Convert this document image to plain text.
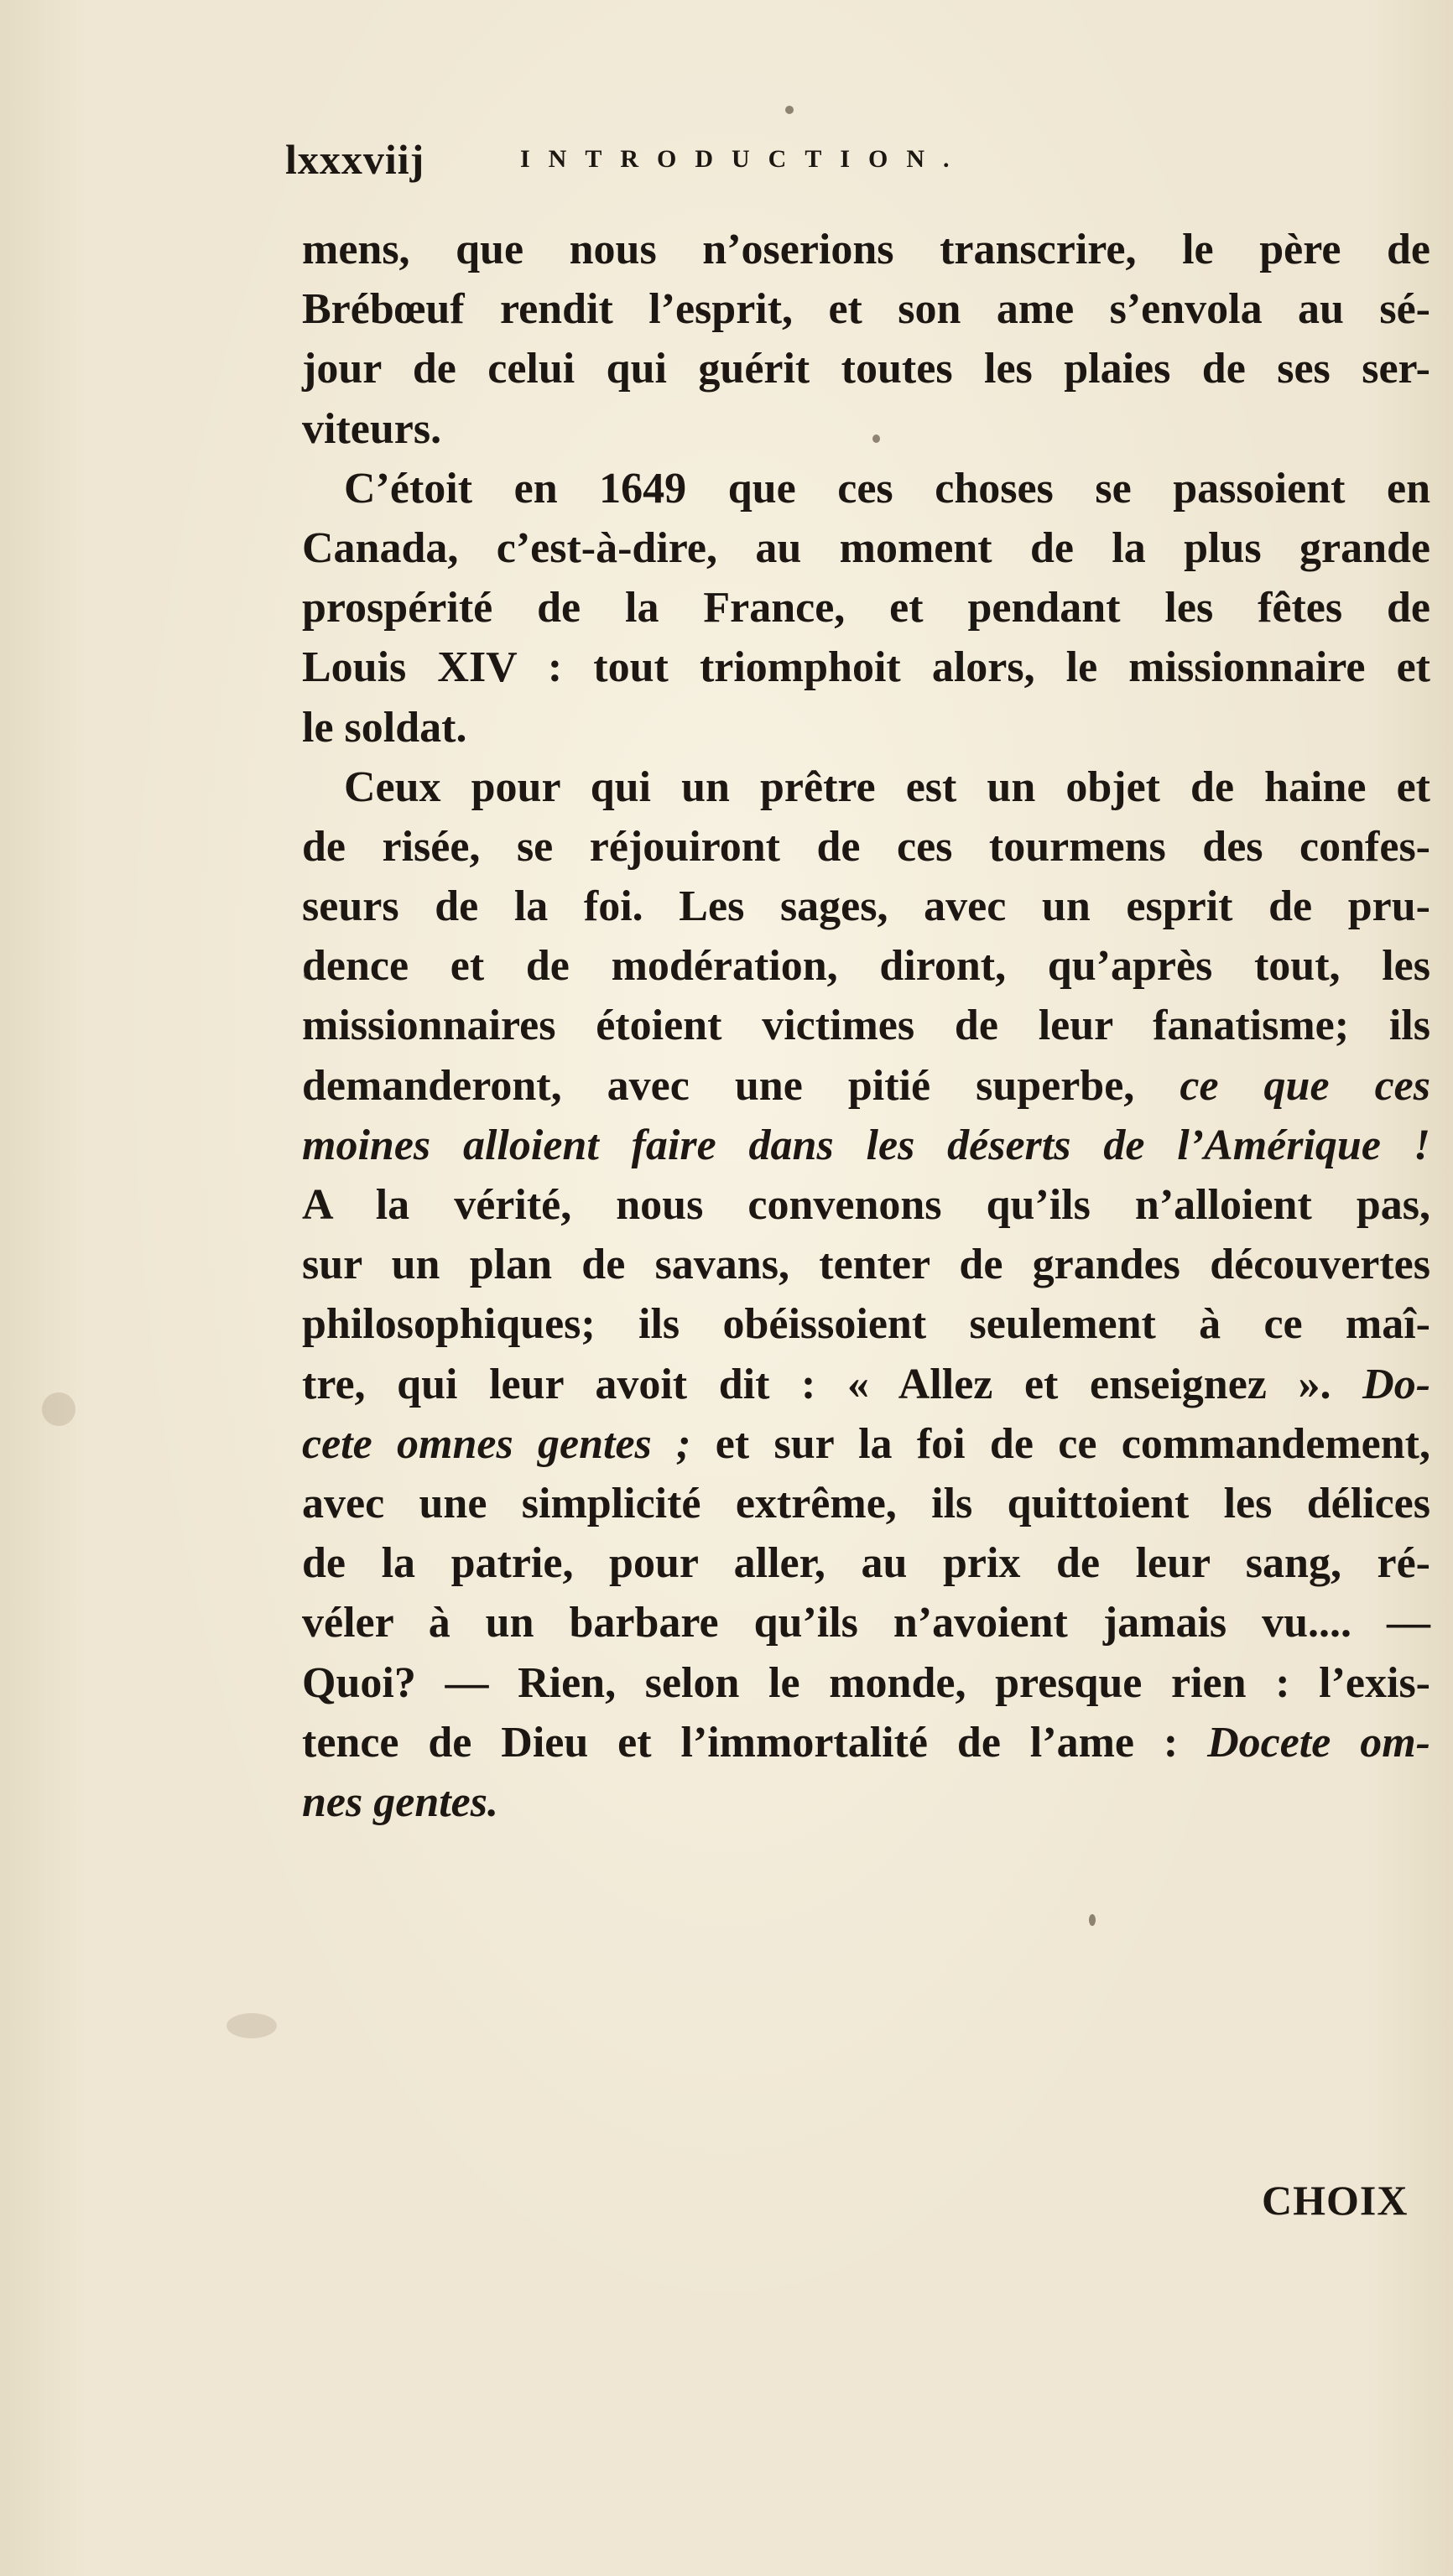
lxxxviij	INTRODUCTION.
mens, que nous n’oserions transcrire, le père de
Brébœuf rendit l’esprit, et son ame s’envola au sé-
jour de celui qui guérit toutes les plaies de ses ser-
viteurs.
C’étoit en 1649 que ces choses se passoient en
Canada, c’est-à-dire, au moment de la plus grande
prospérité de la France, et pendant les fêtes de
Louis XIV : tout triomphoit alors, le missionnaire et
le soldat.
Ceux pour qui un prêtre est un objet de haine et
de risée, se réjouiront de ces tourmens des confes-
seurs de la foi. Les sages, avec un esprit de pru-
dence et de modération, diront, qu’après tout, les
missionnaires étoient victimes de leur fanatisme; ils
demanderont, avec une pitié superbe, ce que ces
moines alloient faire dans les déserts de l’Amérique !
A la vérité, nous convenons qu’ils n’alloient pas,
sur un plan de savans, tenter de grandes découvertes
philosophiques; ils obéissoient seulement à ce maî-
tre, qui leur avoit dit : « Allez et enseignez ». Do-
cete omnes gentes ; et sur la foi de ce commandement,
avec une simplicité extrême, ils quittoient les délices
de la patrie, pour aller, au prix de leur sang, ré-
véler à un barbare qu’ils n’avoient jamais vu.... —
Quoi? — Rien, selon le monde, presque rien : l’exis-
tence de Dieu et l’immortalité de l’ame : Docete om-
nes gentes.
CHOIX
